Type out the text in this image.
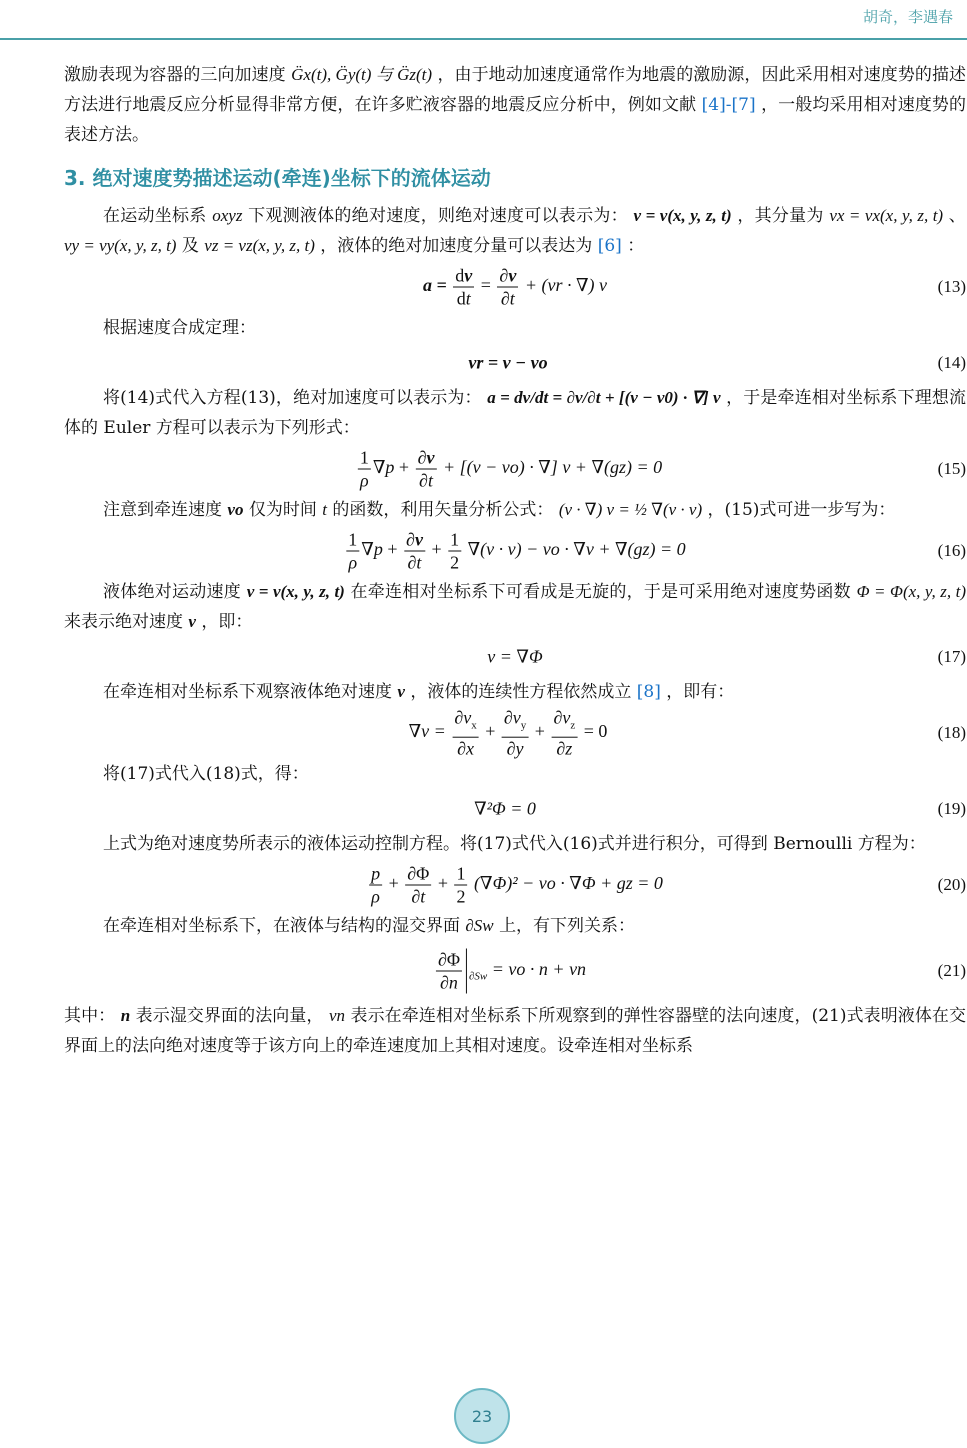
胡奇，李遇春

激励表现为容器的三向加速度 G̈x(t), G̈y(t) 与 G̈z(t) ，由于地动加速度通常作为地震的激励源，因此采用相对速度势的描述方法进行地震反应分析显得非常方便，在许多贮液容器的地震反应分析中，例如文献 [4]-[7] ，一般均采用相对速度势的表述方法。

3. 绝对速度势描述运动(牵连)坐标下的流体运动

在运动坐标系 oxyz 下观测液体的绝对速度，则绝对速度可以表示为： v = v(x, y, z, t) ，其分量为 vx = vx(x, y, z, t) 、 vy = vy(x, y, z, t) 及 vz = vz(x, y, z, t) ，液体的绝对加速度分量可以表达为 [6] ：

$a = \frac{dv}{dt} = \frac{\partial v}{\partial t} + (vr$ · ∇) v	(13)

根据速度合成定理：

vr = v − vo	(14)

将(14)式代入方程(13)，绝对加速度可以表示为： a = dv/dt = ∂v/∂t + [(v − v0) · ∇] v ，于是牵连相对坐标系下理想流体的 Euler 方程可以表示为下列形式：

$\frac{1}{\rho} \nabla p + \frac{\partial v}{\partial t} + [(v - vo)$ · ∇] v + ∇(gz) = 0	(15)

注意到牵连速度 vo 仅为时间 t 的函数，利用矢量分析公式： (v · ∇) v = ½ ∇(v · v) ，(15)式可进一步写为：

$\frac{1}{\rho} \nabla p + \frac{\partial v}{\partial t} + \frac{1}{2} \nabla(v \cdot v)$ − vo · ∇v + ∇(gz) = 0	(16)

液体绝对运动速度 v = v(x, y, z, t) 在牵连相对坐标系下可看成是无旋的，于是可采用绝对速度势函数 Φ = Φ(x, y, z, t) 来表示绝对速度 v ，即：

v = ∇Φ	(17)

在牵连相对坐标系下观察液体绝对速度 v ，液体的连续性方程依然成立 [8] ，即有：

$\nabla v = \frac{\partial v_x}{\partial x} + \frac{\partial v_y}{\partial y} + \frac{\partial v_z}{\partial z} = 0$	(18)

将(17)式代入(18)式，得：

∇²Φ = 0	(19)

上式为绝对速度势所表示的液体运动控制方程。将(17)式代入(16)式并进行积分，可得到 Bernoulli 方程为：

$\frac{p}{\rho} + \frac{\partial\Phi}{\partial t} + \frac{1}{2} (\nabla\Phi)^2$ − vo · ∇Φ + gz = 0	(20)

在牵连相对坐标系下，在液体与结构的湿交界面 ∂Sw 上，有下列关系：

$\frac{\partial\Phi}{\partial n} _{\partial Sw}$ = vo · n + vn	(21)

其中： n 表示湿交界面的法向量， vn 表示在牵连相对坐标系下所观察到的弹性容器壁的法向速度，(21)式表明液体在交界面上的法向绝对速度等于该方向上的牵连速度加上其相对速度。设牵连相对坐标系

23
